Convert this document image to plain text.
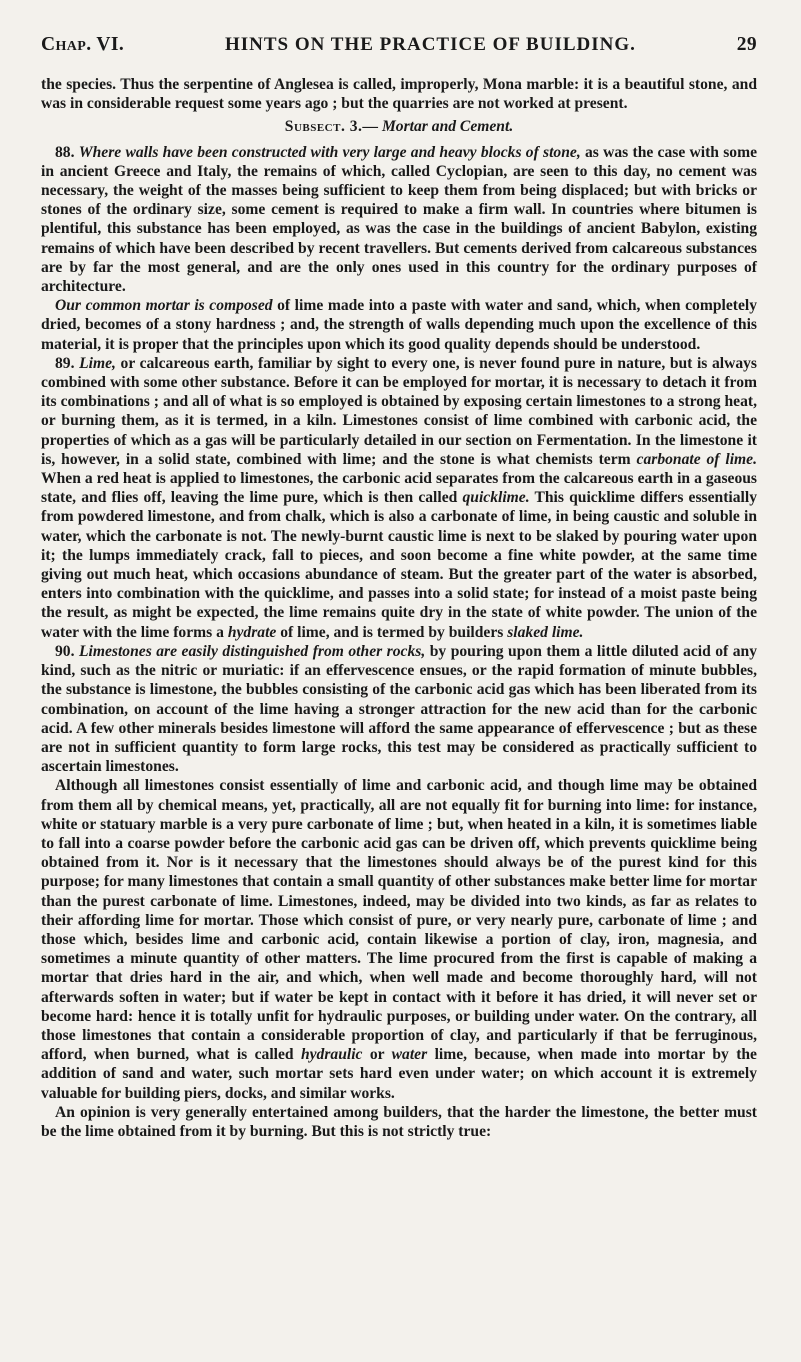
Chap. VI.	HINTS ON THE PRACTICE OF BUILDING.	29

the species. Thus the serpentine of Anglesea is called, improperly, Mona marble: it is a beautiful stone, and was in considerable request some years ago ; but the quarries are not worked at present.

Subsect. 3.— Mortar and Cement.

88. Where walls have been constructed with very large and heavy blocks of stone, as was the case with some in ancient Greece and Italy, the remains of which, called Cyclopian, are seen to this day, no cement was necessary, the weight of the masses being sufficient to keep them from being displaced; but with bricks or stones of the ordinary size, some cement is required to make a firm wall. In countries where bitumen is plentiful, this substance has been employed, as was the case in the buildings of ancient Babylon, existing remains of which have been described by recent travellers. But cements derived from calcareous substances are by far the most general, and are the only ones used in this country for the ordinary purposes of architecture.

Our common mortar is composed of lime made into a paste with water and sand, which, when completely dried, becomes of a stony hardness ; and, the strength of walls depending much upon the excellence of this material, it is proper that the principles upon which its good quality depends should be understood.

89. Lime, or calcareous earth, familiar by sight to every one, is never found pure in nature, but is always combined with some other substance. Before it can be employed for mortar, it is necessary to detach it from its combinations ; and all of what is so employed is obtained by exposing certain limestones to a strong heat, or burning them, as it is termed, in a kiln. Limestones consist of lime combined with carbonic acid, the properties of which as a gas will be particularly detailed in our section on Fermentation. In the limestone it is, however, in a solid state, combined with lime; and the stone is what chemists term carbonate of lime. When a red heat is applied to limestones, the carbonic acid separates from the calcareous earth in a gaseous state, and flies off, leaving the lime pure, which is then called quicklime. This quicklime differs essentially from powdered limestone, and from chalk, which is also a carbonate of lime, in being caustic and soluble in water, which the carbonate is not. The newly-burnt caustic lime is next to be slaked by pouring water upon it; the lumps immediately crack, fall to pieces, and soon become a fine white powder, at the same time giving out much heat, which occasions abundance of steam. But the greater part of the water is absorbed, enters into combination with the quicklime, and passes into a solid state; for instead of a moist paste being the result, as might be expected, the lime remains quite dry in the state of white powder. The union of the water with the lime forms a hydrate of lime, and is termed by builders slaked lime.

90. Limestones are easily distinguished from other rocks, by pouring upon them a little diluted acid of any kind, such as the nitric or muriatic: if an effervescence ensues, or the rapid formation of minute bubbles, the substance is limestone, the bubbles consisting of the carbonic acid gas which has been liberated from its combination, on account of the lime having a stronger attraction for the new acid than for the carbonic acid. A few other minerals besides limestone will afford the same appearance of effervescence ; but as these are not in sufficient quantity to form large rocks, this test may be considered as practically sufficient to ascertain limestones.

Although all limestones consist essentially of lime and carbonic acid, and though lime may be obtained from them all by chemical means, yet, practically, all are not equally fit for burning into lime: for instance, white or statuary marble is a very pure carbonate of lime ; but, when heated in a kiln, it is sometimes liable to fall into a coarse powder before the carbonic acid gas can be driven off, which prevents quicklime being obtained from it. Nor is it necessary that the limestones should always be of the purest kind for this purpose; for many limestones that contain a small quantity of other substances make better lime for mortar than the purest carbonate of lime. Limestones, indeed, may be divided into two kinds, as far as relates to their affording lime for mortar. Those which consist of pure, or very nearly pure, carbonate of lime ; and those which, besides lime and carbonic acid, contain likewise a portion of clay, iron, magnesia, and sometimes a minute quantity of other matters. The lime procured from the first is capable of making a mortar that dries hard in the air, and which, when well made and become thoroughly hard, will not afterwards soften in water; but if water be kept in contact with it before it has dried, it will never set or become hard: hence it is totally unfit for hydraulic purposes, or building under water. On the contrary, all those limestones that contain a considerable proportion of clay, and particularly if that be ferruginous, afford, when burned, what is called hydraulic or water lime, because, when made into mortar by the addition of sand and water, such mortar sets hard even under water; on which account it is extremely valuable for building piers, docks, and similar works.

An opinion is very generally entertained among builders, that the harder the limestone, the better must be the lime obtained from it by burning. But this is not strictly true:
